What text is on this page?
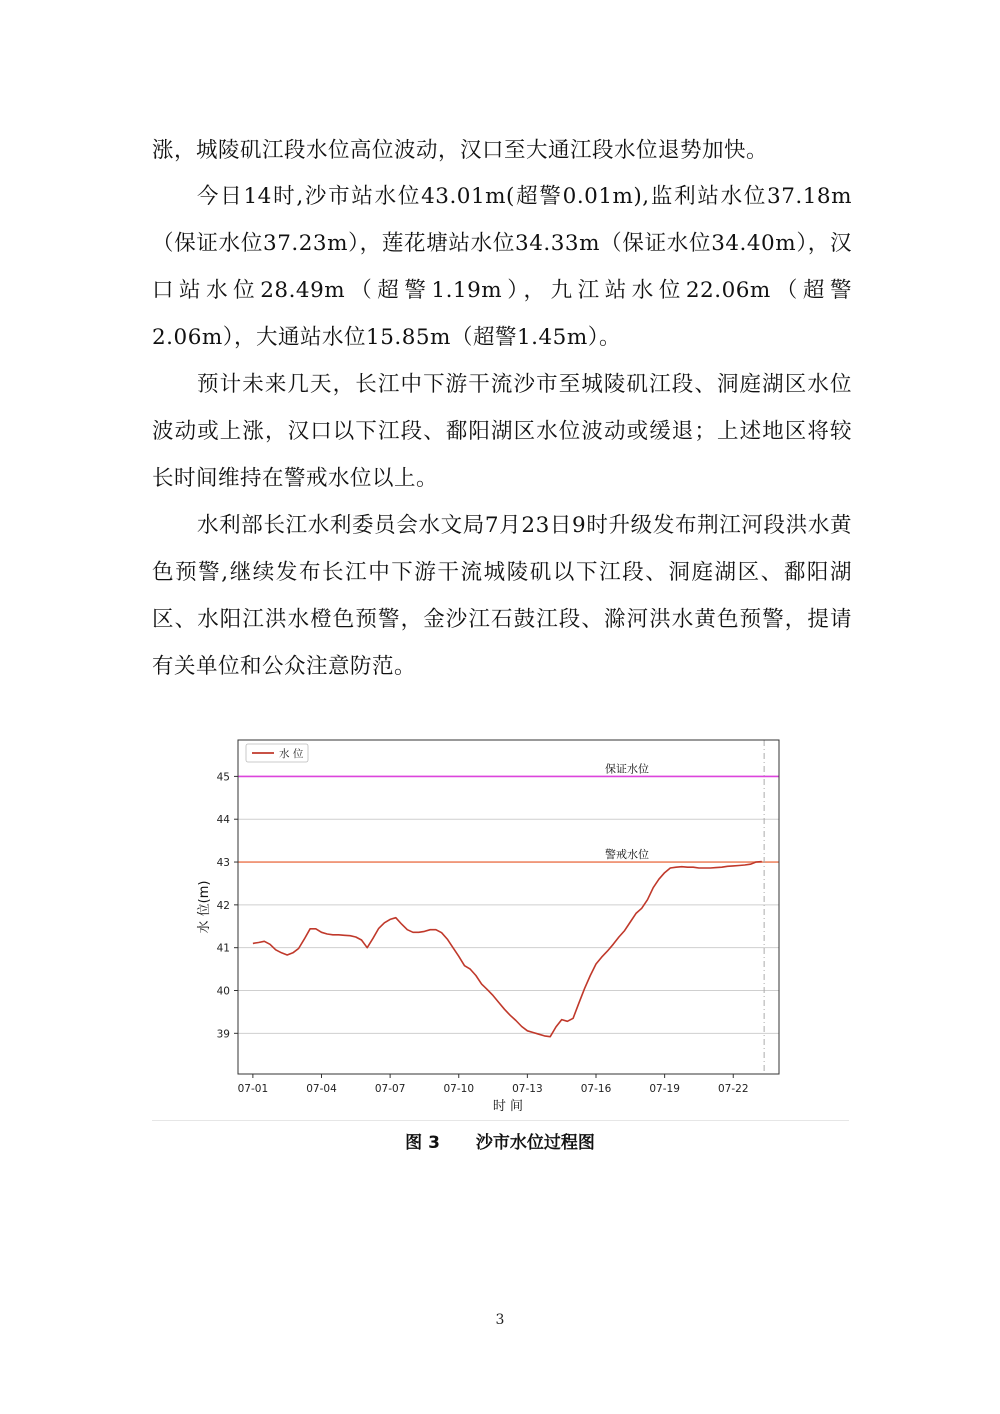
涨，城陵矶江段水位高位波动，汉口至大通江段水位退势加快。

今日14时,沙市站水位43.01m(超警0.01m),监利站水位37.18m（保证水位37.23m），莲花塘站水位34.33m（保证水位34.40m），汉口站水位28.49m（超警1.19m），九江站水位22.06m（超警2.06m），大通站水位15.85m（超警1.45m）。

预计未来几天，长江中下游干流沙市至城陵矶江段、洞庭湖区水位波动或上涨，汉口以下江段、鄱阳湖区水位波动或缓退；上述地区将较长时间维持在警戒水位以上。

水利部长江水利委员会水文局7月23日9时升级发布荆江河段洪水黄色预警,继续发布长江中下游干流城陵矶以下江段、洞庭湖区、鄱阳湖区、水阳江洪水橙色预警，金沙江石鼓江段、滁河洪水黄色预警，提请有关单位和公众注意防范。

保证水位
警戒水位
39
40
41
42
43
44
45
07-01	07-04	07-07	07-10	07-13	07-16	07-19	07-22
水 位
时 间
水 位(m)
图 3 沙市水位过程图
3
